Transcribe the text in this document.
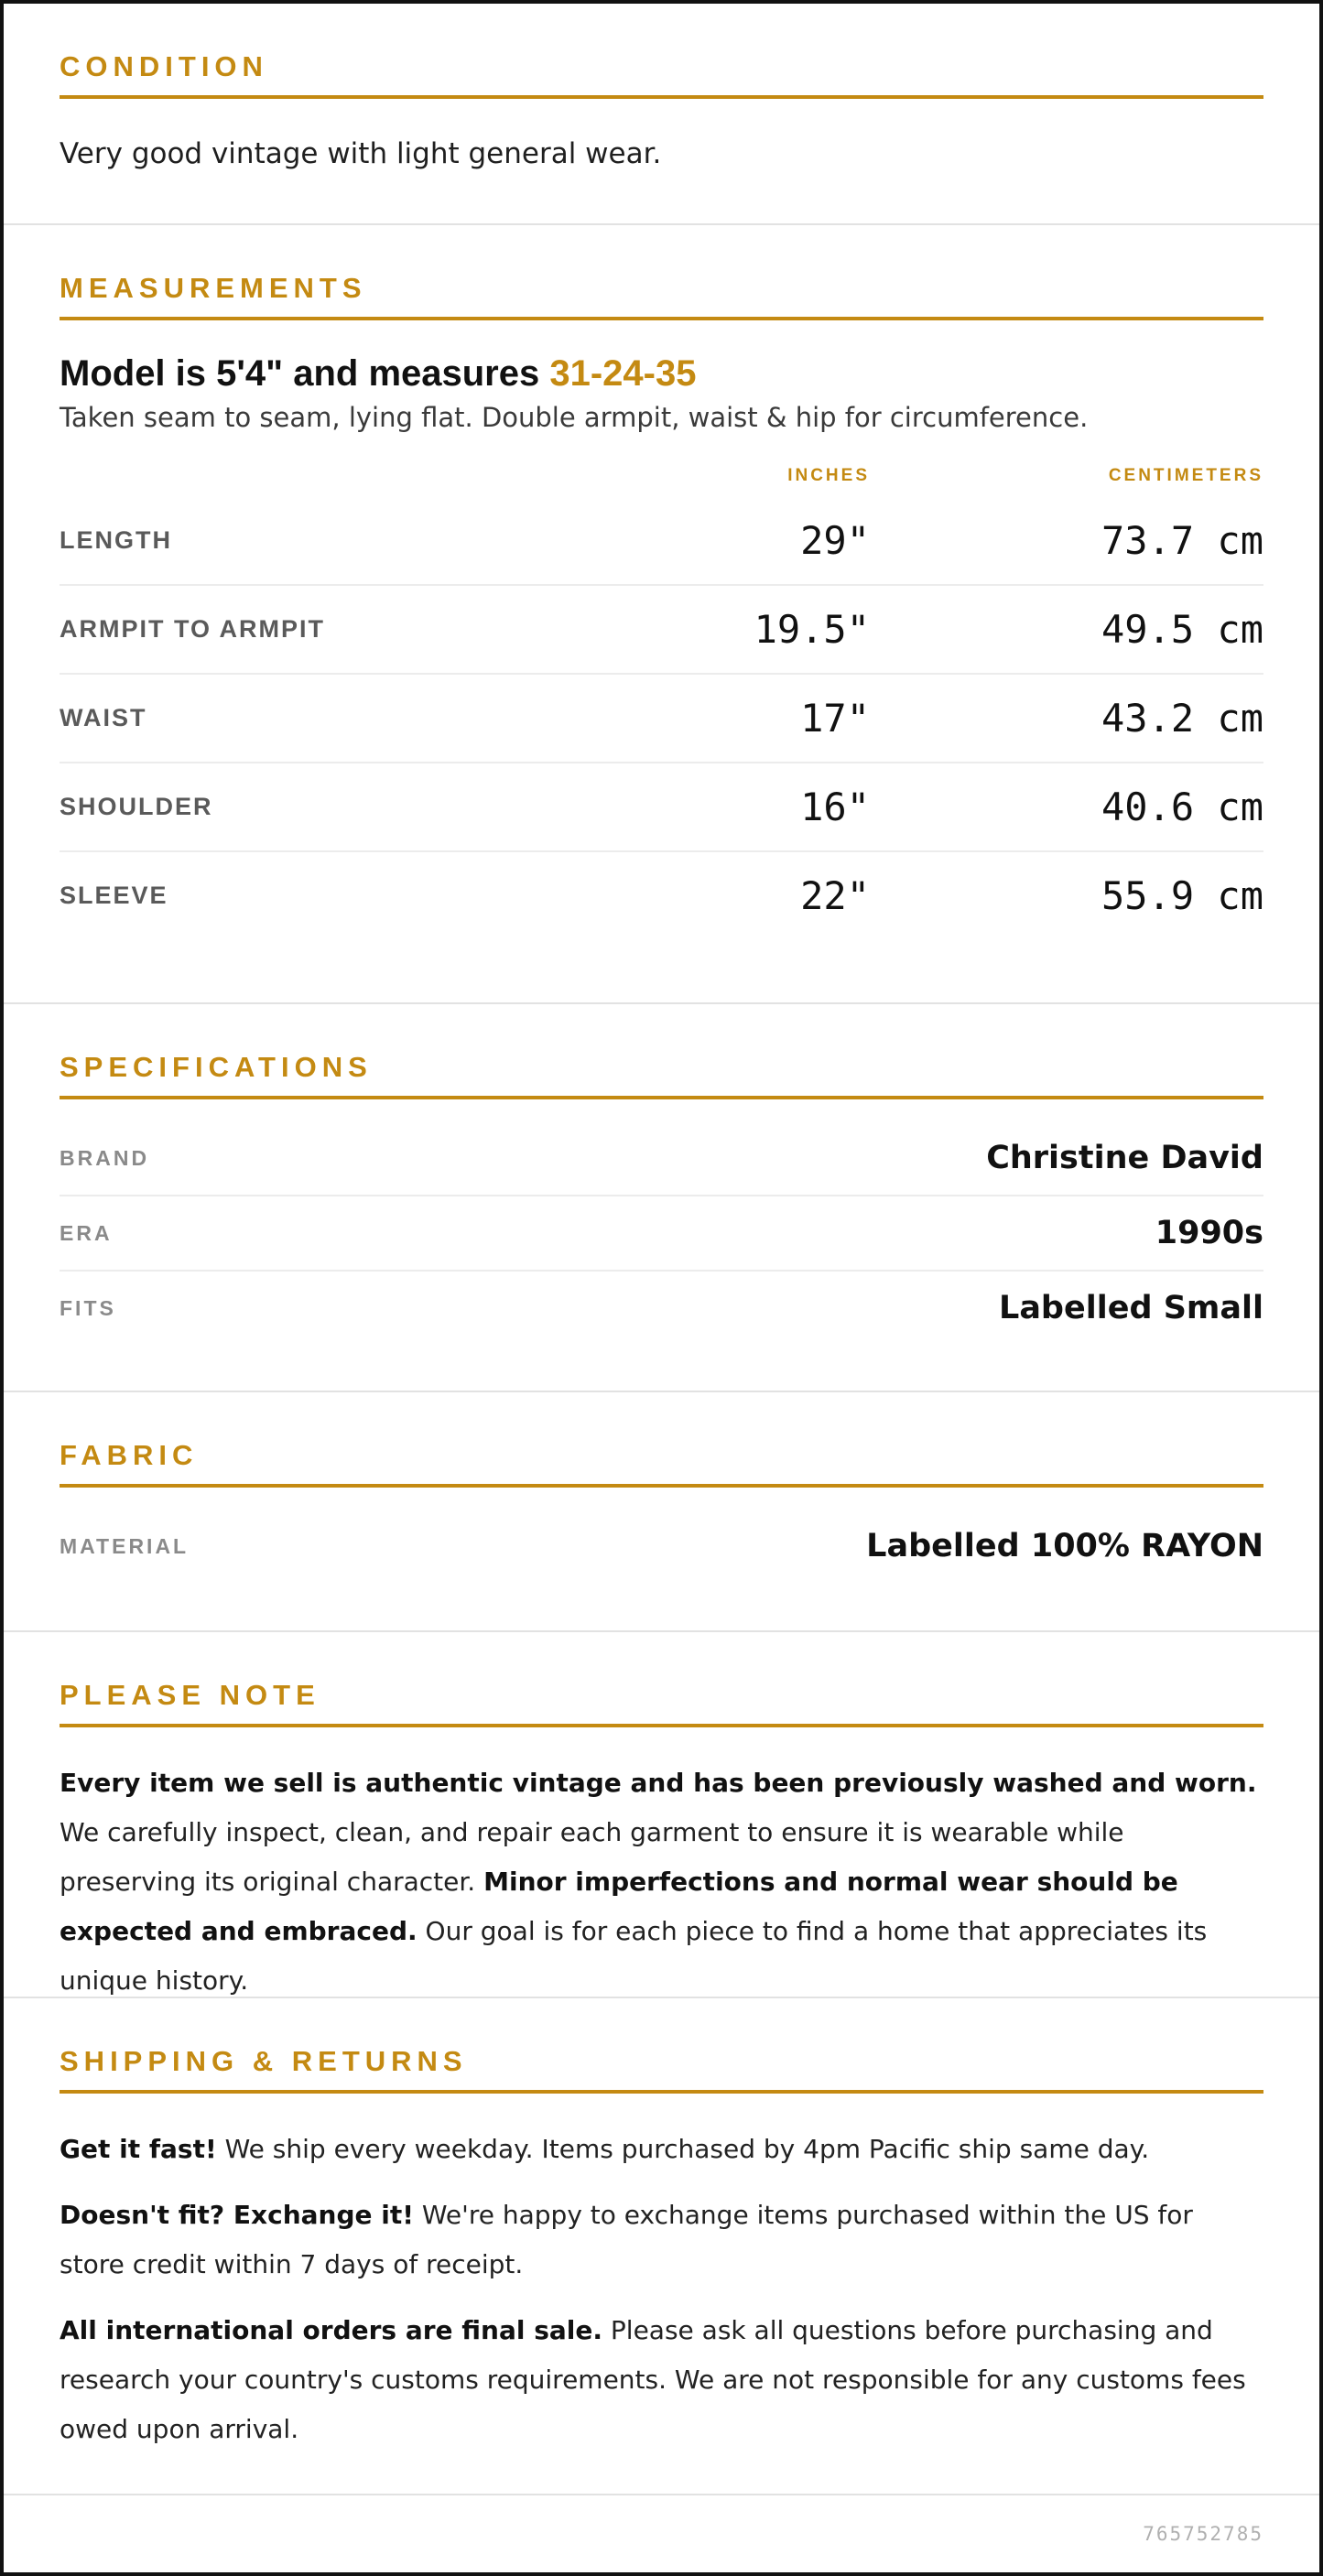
CONDITION
Very good vintage with light general wear.
MEASUREMENTS
Model is 5'4" and measures 31-24-35
Taken seam to seam, lying flat. Double armpit, waist & hip for circumference.
INCHES	CENTIMETERS
LENGTH	29"	73.7 cm
ARMPIT TO ARMPIT	19.5"	49.5 cm
WAIST	17"	43.2 cm
SHOULDER	16"	40.6 cm
SLEEVE	22"	55.9 cm
SPECIFICATIONS
BRAND	Christine David
ERA	1990s
FITS	Labelled Small
FABRIC
MATERIAL	Labelled 100% RAYON
PLEASE NOTE

Every item we sell is authentic vintage and has been previously washed and worn. We carefully inspect, clean, and repair each garment to ensure it is wearable while preserving its original character. Minor imperfections and normal wear should be expected and embraced. Our goal is for each piece to find a home that appreciates its unique history.

SHIPPING & RETURNS

Get it fast! We ship every weekday. Items purchased by 4pm Pacific ship same day.

Doesn't fit? Exchange it! We're happy to exchange items purchased within the US for store credit within 7 days of receipt.

All international orders are final sale. Please ask all questions before purchasing and research your country's customs requirements. We are not responsible for any customs fees owed upon arrival.

765752785
